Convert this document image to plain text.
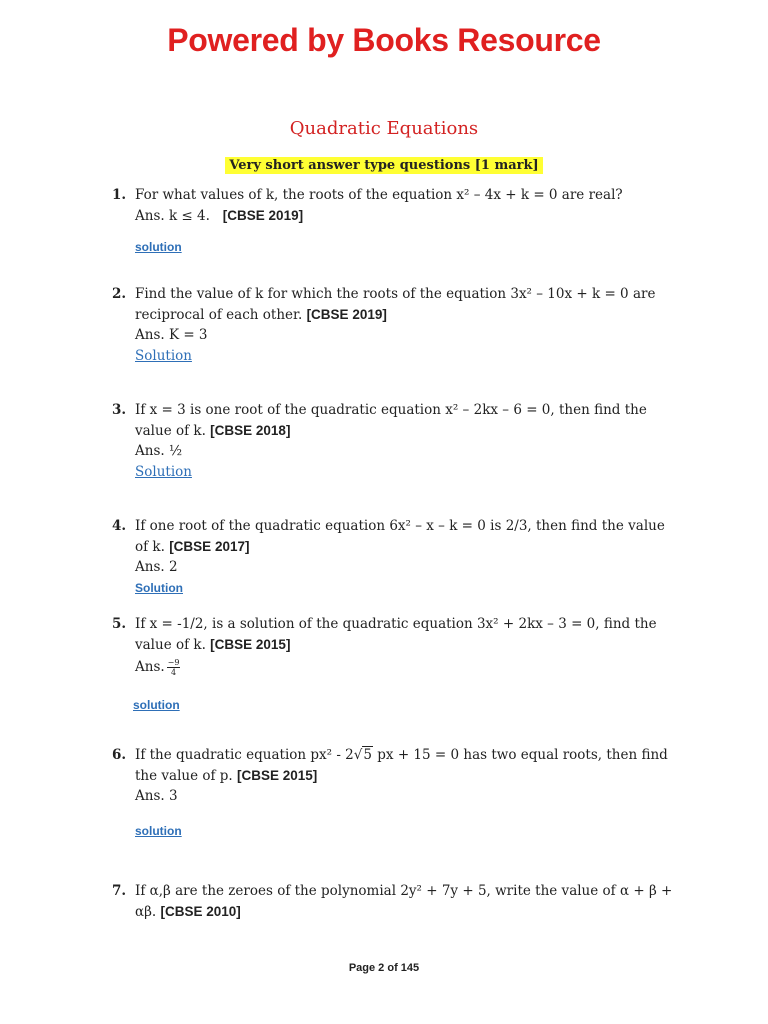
Powered by Books Resource
Quadratic Equations
Very short answer type questions [1 mark]
1. For what values of k, the roots of the equation x² – 4x + k = 0 are real?
Ans. k ≤ 4. [CBSE 2019]
solution
2. Find the value of k for which the roots of the equation 3x² – 10x + k = 0 are reciprocal of each other. [CBSE 2019]
Ans. K = 3
Solution
3. If x = 3 is one root of the quadratic equation x² – 2kx – 6 = 0, then find the value of k. [CBSE 2018]
Ans. ½
Solution
4. If one root of the quadratic equation 6x² – x – k = 0 is 2/3, then find the value of k. [CBSE 2017]
Ans. 2
Solution
5. If x = -1/2, is a solution of the quadratic equation 3x² + 2kx – 3 = 0, find the value of k. [CBSE 2015]
Ans. $\frac{-9}{4}$
solution
6. If the quadratic equation px² - 2√5 px + 15 = 0 has two equal roots, then find the value of p. [CBSE 2015]
Ans. 3
solution
7. If α,β are the zeroes of the polynomial 2y² + 7y + 5, write the value of α + β + αβ. [CBSE 2010]
Page 2 of 145
